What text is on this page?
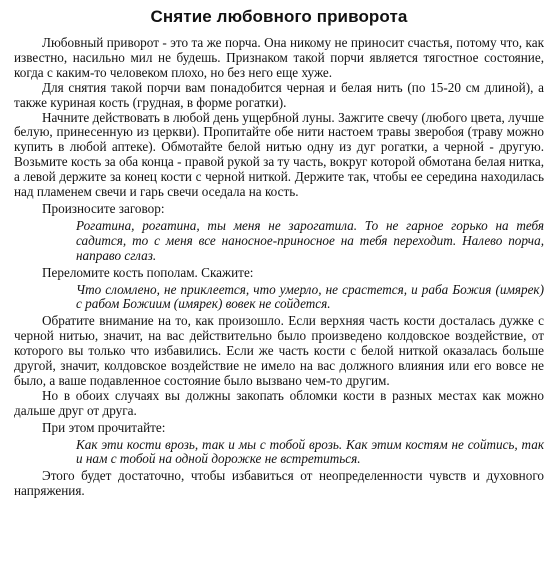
Снятие любовного приворота

Любовный приворот - это та же порча. Она никому не приносит счастья, потому что, как известно, насильно мил не будешь. Признаком такой порчи является тягостное состояние, когда с каким-то человеком плохо, но без него еще хуже.

Для снятия такой порчи вам понадобится черная и белая нить (по 15-20 см длиной), а также куриная кость (грудная, в форме рогатки).

Начните действовать в любой день ущербной луны. Зажгите свечу (любого цвета, лучше белую, принесенную из церкви). Пропитайте обе нити настоем травы зверобоя (траву можно купить в любой аптеке). Обмотайте белой нитью одну из дуг рогатки, а черной - другую. Возьмите кость за оба конца - правой рукой за ту часть, вокруг которой обмотана белая нитка, а левой держите за конец кости с черной ниткой. Держите так, чтобы ее середина находилась над пламенем свечи и гарь свечи оседала на кость.

Произносите заговор:

Рогатина, рогатина, ты меня не зарогатила. То не гарное горько на тебя садится, то с меня все наносное-приносное на тебя переходит. Налево порча, направо сглаз.

Переломите кость пополам. Скажите:

Что сломлено, не приклеется, что умерло, не срастется, и раба Божия (имярек) с рабом Божиим (имярек) вовек не сойдется.

Обратите внимание на то, как произошло. Если верхняя часть кости досталась дужке с черной нитью, значит, на вас действительно было произведено колдовское воздействие, от которого вы только что избавились. Если же часть кости с белой ниткой оказалась больше другой, значит, колдовское воздействие не имело на вас должного влияния или его вовсе не было, а ваше подавленное состояние было вызвано чем-то другим.

Но в обоих случаях вы должны закопать обломки кости в разных местах как можно дальше друг от друга.

При этом прочитайте:

Как эти кости врозь, так и мы с тобой врозь. Как этим костям не сойтись, так и нам с тобой на одной дорожке не встретиться.

Этого будет достаточно, чтобы избавиться от неопределенности чувств и духовного напряжения.
